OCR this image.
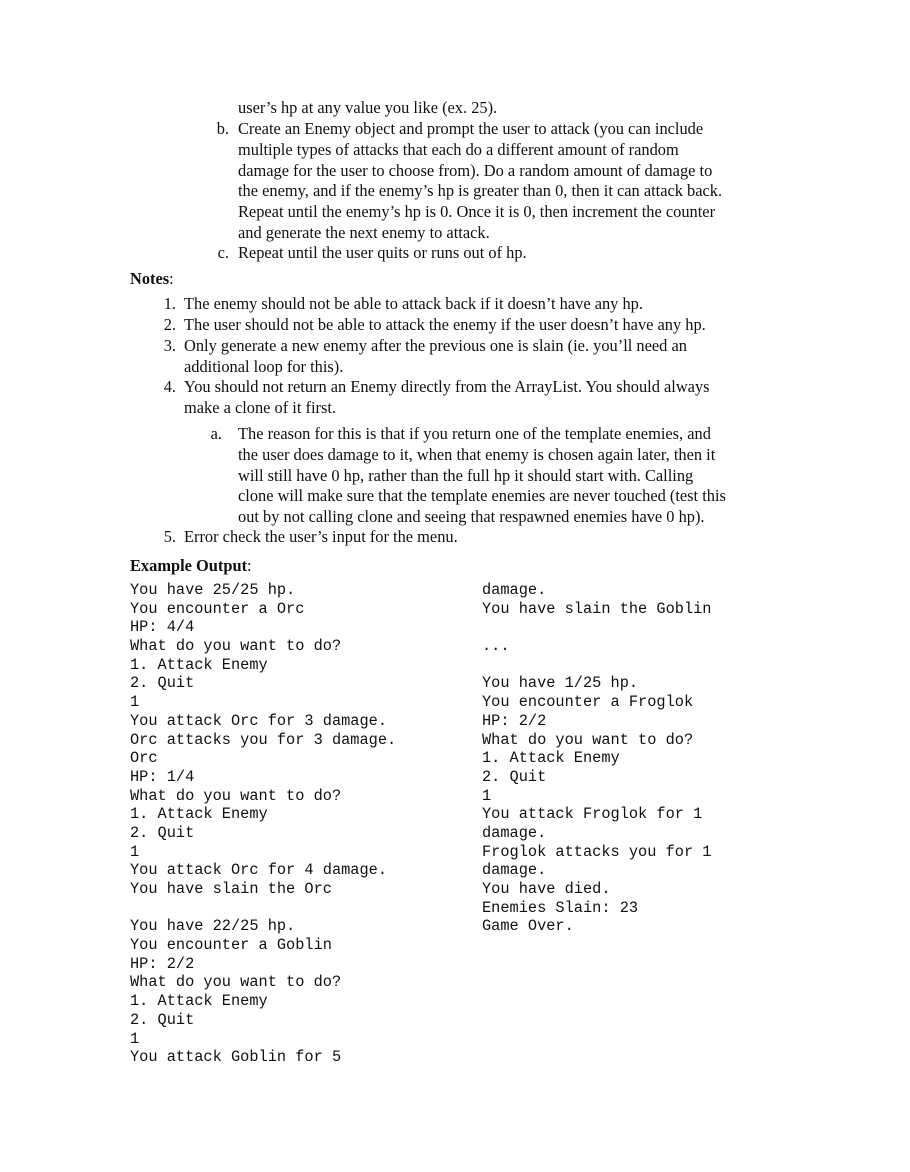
user’s hp at any value you like (ex. 25).
b. Create an Enemy object and prompt the user to attack (you can include
multiple types of attacks that each do a different amount of random
damage for the user to choose from). Do a random amount of damage to
the enemy, and if the enemy’s hp is greater than 0, then it can attack back.
Repeat until the enemy’s hp is 0. Once it is 0, then increment the counter
and generate the next enemy to attack.
c. Repeat until the user quits or runs out of hp.
Notes:
1. The enemy should not be able to attack back if it doesn’t have any hp.
2. The user should not be able to attack the enemy if the user doesn’t have any hp.
3. Only generate a new enemy after the previous one is slain (ie. you’ll need an
additional loop for this).
4. You should not return an Enemy directly from the ArrayList. You should always
make a clone of it first.
a. The reason for this is that if you return one of the template enemies, and
the user does damage to it, when that enemy is chosen again later, then it
will still have 0 hp, rather than the full hp it should start with. Calling
clone will make sure that the template enemies are never touched (test this
out by not calling clone and seeing that respawned enemies have 0 hp).
5. Error check the user’s input for the menu.
Example Output:
You have 25/25 hp.
You encounter a Orc
HP: 4/4
What do you want to do?
1. Attack Enemy
2. Quit
1
You attack Orc for 3 damage.
Orc attacks you for 3 damage.
Orc
HP: 1/4
What do you want to do?
1. Attack Enemy
2. Quit
1
You attack Orc for 4 damage.
You have slain the Orc
You have 22/25 hp.
You encounter a Goblin
HP: 2/2
What do you want to do?
1. Attack Enemy
2. Quit
1
You attack Goblin for 5
damage.
You have slain the Goblin
...
You have 1/25 hp.
You encounter a Froglok
HP: 2/2
What do you want to do?
1. Attack Enemy
2. Quit
1
You attack Froglok for 1
damage.
Froglok attacks you for 1
damage.
You have died.
Enemies Slain: 23
Game Over.
